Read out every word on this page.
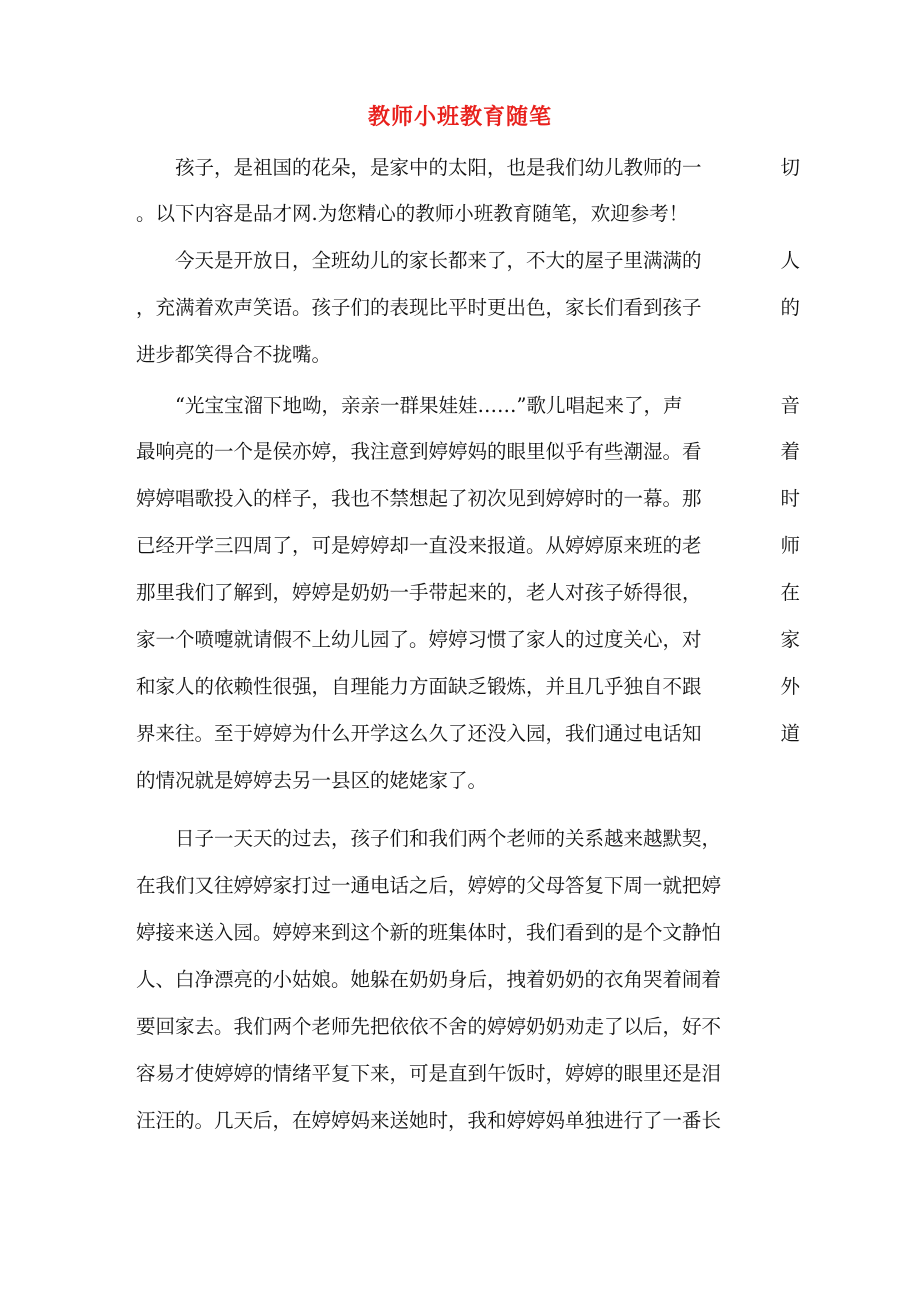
教师小班教育随笔
　　孩子，是祖国的花朵，是家中的太阳，也是我们幼儿教师的一	切
。以下内容是品才网.为您精心的教师小班教育随笔，欢迎参考！
　　今天是开放日，全班幼儿的家长都来了，不大的屋子里满满的	人
，充满着欢声笑语。孩子们的表现比平时更出色，家长们看到孩子	的
进步都笑得合不拢嘴。
　　“光宝宝溜下地呦，亲亲一群果娃娃……”歌儿唱起来了，声	音
最响亮的一个是侯亦婷，我注意到婷婷妈的眼里似乎有些潮湿。看	着
婷婷唱歌投入的样子，我也不禁想起了初次见到婷婷时的一幕。那	时
已经开学三四周了，可是婷婷却一直没来报道。从婷婷原来班的老	师
那里我们了解到，婷婷是奶奶一手带起来的，老人对孩子娇得很，	在
家一个喷嚏就请假不上幼儿园了。婷婷习惯了家人的过度关心，对	家
和家人的依赖性很强，自理能力方面缺乏锻炼，并且几乎独自不跟	外
界来往。至于婷婷为什么开学这么久了还没入园，我们通过电话知	道
的情况就是婷婷去另一县区的姥姥家了。
　　日子一天天的过去，孩子们和我们两个老师的关系越来越默契，
在我们又往婷婷家打过一通电话之后，婷婷的父母答复下周一就把婷
婷接来送入园。婷婷来到这个新的班集体时，我们看到的是个文静怕
人、白净漂亮的小姑娘。她躲在奶奶身后，拽着奶奶的衣角哭着闹着
要回家去。我们两个老师先把依依不舍的婷婷奶奶劝走了以后，好不
容易才使婷婷的情绪平复下来，可是直到午饭时，婷婷的眼里还是泪
汪汪的。几天后，在婷婷妈来送她时，我和婷婷妈单独进行了一番长
